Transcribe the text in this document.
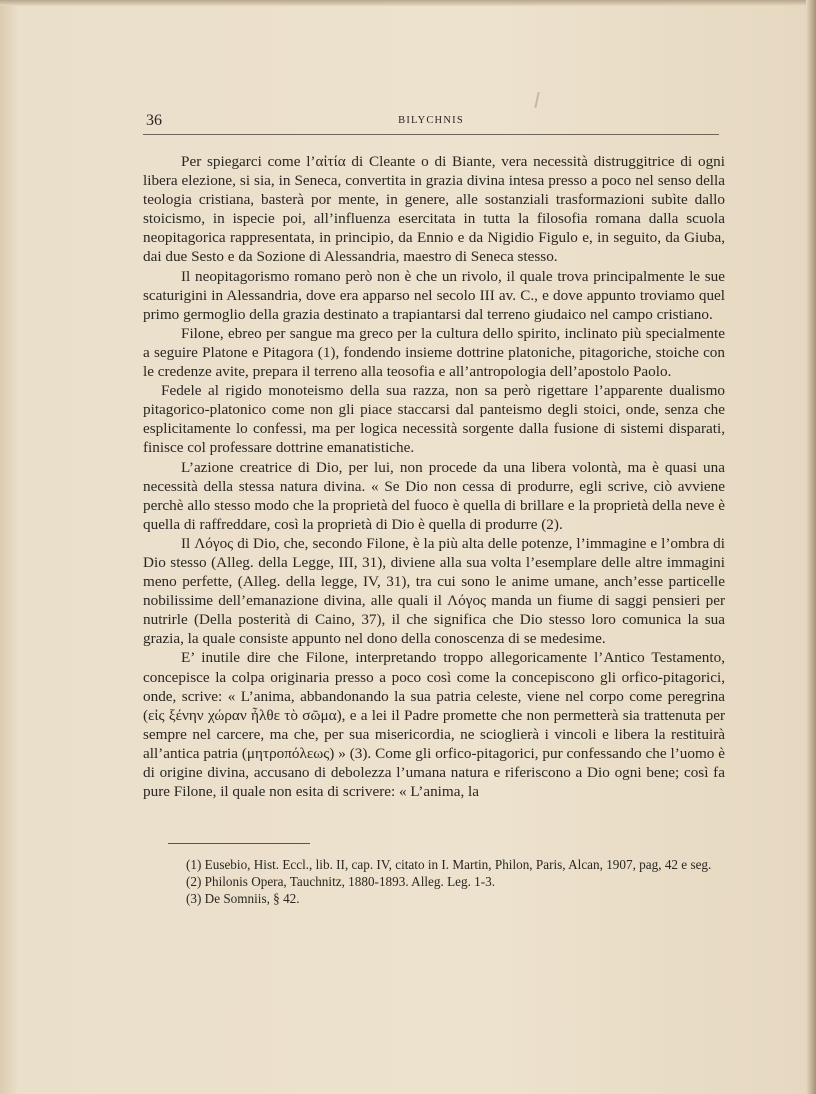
36	BILYCHNIS

Per spiegarci come l’αἰτία di Cleante o di Biante, vera necessità distruggitrice di ogni libera elezione, si sia, in Seneca, convertita in grazia divina intesa presso a poco nel senso della teologia cristiana, basterà por mente, in genere, alle sostanziali trasformazioni subìte dallo stoicismo, in ispecie poi, all’influenza esercitata in tutta la filosofia romana dalla scuola neopitagorica rappresentata, in principio, da Ennio e da Nigidio Figulo e, in seguito, da Giuba, dai due Sesto e da Sozione di Alessandria, maestro di Seneca stesso.

Il neopitagorismo romano però non è che un rivolo, il quale trova principalmente le sue scaturigini in Alessandria, dove era apparso nel secolo III av. C., e dove appunto troviamo quel primo germoglio della grazia destinato a trapiantarsi dal terreno giudaico nel campo cristiano.

Filone, ebreo per sangue ma greco per la cultura dello spirito, inclinato più specialmente a seguire Platone e Pitagora (1), fondendo insieme dottrine platoniche, pitagoriche, stoiche con le credenze avite, prepara il terreno alla teosofia e all’antropologia dell’apostolo Paolo.

Fedele al rigido monoteismo della sua razza, non sa però rigettare l’apparente dualismo pitagorico-platonico come non gli piace staccarsi dal panteismo degli stoici, onde, senza che esplicitamente lo confessi, ma per logica necessità sorgente dalla fusione di sistemi disparati, finisce col professare dottrine emanatistiche.

L’azione creatrice di Dio, per lui, non procede da una libera volontà, ma è quasi una necessità della stessa natura divina. « Se Dio non cessa di produrre, egli scrive, ciò avviene perchè allo stesso modo che la proprietà del fuoco è quella di brillare e la proprietà della neve è quella di raffreddare, così la proprietà di Dio è quella di produrre (2).

Il Λόγος di Dio, che, secondo Filone, è la più alta delle potenze, l’immagine e l’ombra di Dio stesso (Alleg. della Legge, III, 31), diviene alla sua volta l’esemplare delle altre immagini meno perfette, (Alleg. della legge, IV, 31), tra cui sono le anime umane, anch’esse particelle nobilissime dell’emanazione divina, alle quali il Λόγος manda un fiume di saggi pensieri per nutrirle (Della posterità di Caino, 37), il che significa che Dio stesso loro comunica la sua grazia, la quale consiste appunto nel dono della conoscenza di se medesime.

E’ inutile dire che Filone, interpretando troppo allegoricamente l’Antico Testamento, concepisce la colpa originaria presso a poco così come la concepiscono gli orfico-pitagorici, onde, scrive: « L’anima, abbandonando la sua patria celeste, viene nel corpo come peregrina (εἰς ξένην χώραν ἦλθε τὸ σῶμα), e a lei il Padre promette che non permetterà sia trattenuta per sempre nel carcere, ma che, per sua misericordia, ne scioglierà i vincoli e libera la restituirà all’antica patria (μητροπόλεως) » (3). Come gli orfico-pitagorici, pur confessando che l’uomo è di origine divina, accusano di debolezza l’umana natura e riferiscono a Dio ogni bene; così fa pure Filone, il quale non esita di scrivere: « L’anima, la

(1) Eusebio, Hist. Eccl., lib. II, cap. IV, citato in I. Martin, Philon, Paris, Alcan, 1907, pag, 42 e seg.

(2) Philonis Opera, Tauchnitz, 1880-1893. Alleg. Leg. 1-3.

(3) De Somniis, § 42.
